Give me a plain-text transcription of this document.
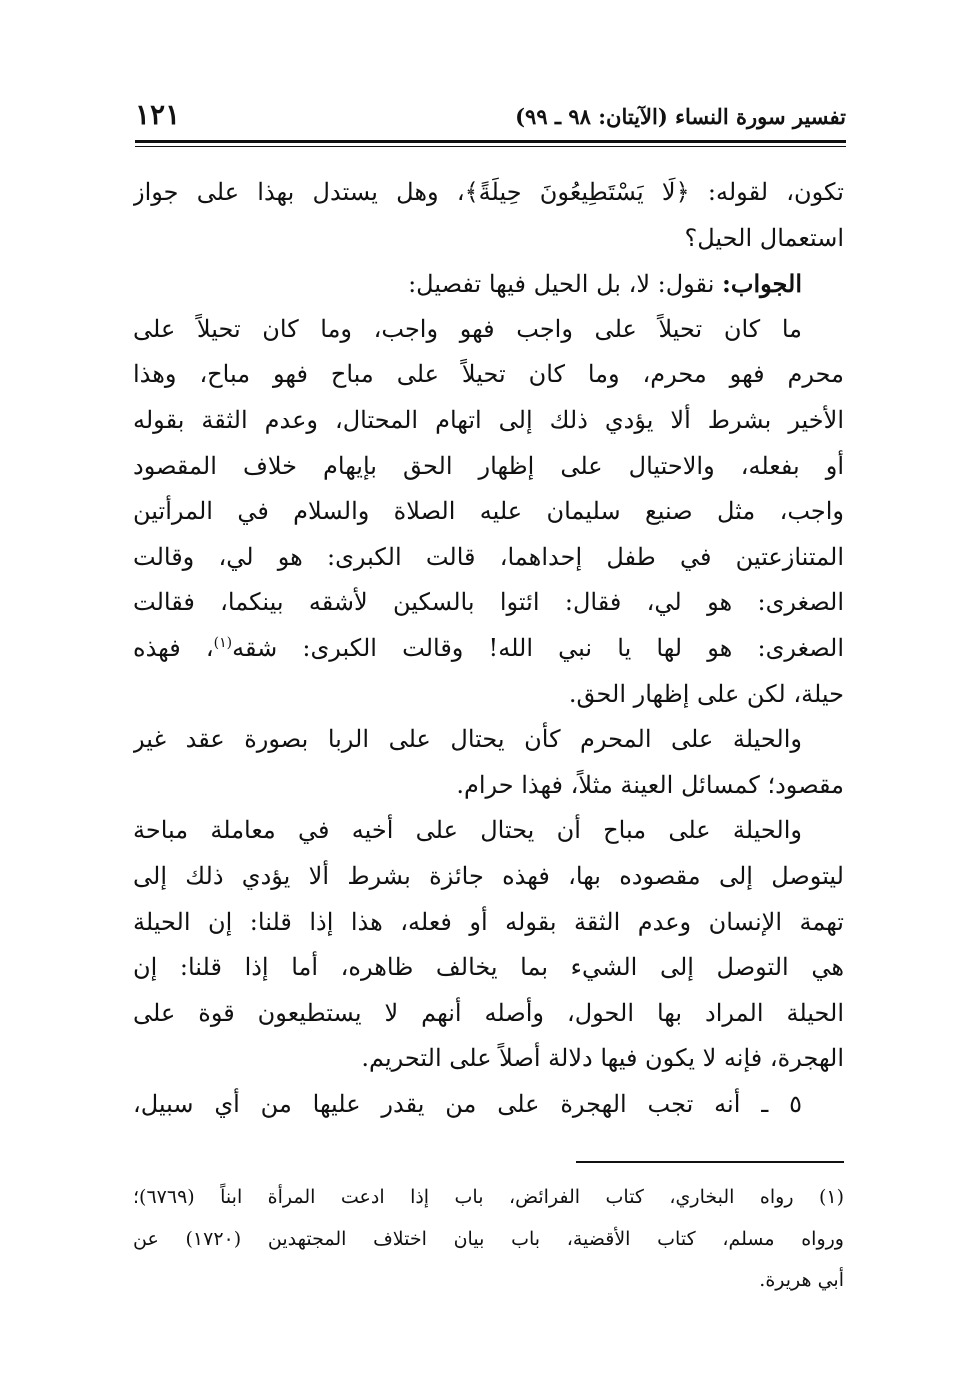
تفسير سورة النساء (الآيتان: ٩٨ ـ ٩٩)
١٢١
تكون، لقوله: ﴿لَا يَسْتَطِيعُونَ حِيلَةً﴾، وهل يستدل بهذا على جواز
استعمال الحيل؟
الجواب: نقول: لا، بل الحيل فيها تفصيل:
ما كان تحيلاً على واجب فهو واجب، وما كان تحيلاً على
محرم فهو محرم، وما كان تحيلاً على مباح فهو مباح، وهذا
الأخير بشرط ألا يؤدي ذلك إلى اتهام المحتال، وعدم الثقة بقوله
أو بفعله، والاحتيال على إظهار الحق بإيهام خلاف المقصود
واجب، مثل صنيع سليمان عليه الصلاة والسلام في المرأتين
المتنازعتين في طفل إحداهما، قالت الكبرى: هو لي، وقالت
الصغرى: هو لي، فقال: ائتوا بالسكين لأشقه بينكما، فقالت
الصغرى: هو لها يا نبي الله! وقالت الكبرى: شقه$^{(١)}$، فهذه
حيلة، لكن على إظهار الحق.
والحيلة على المحرم كأن يحتال على الربا بصورة عقد غير
مقصود؛ كمسائل العينة مثلاً، فهذا حرام.
والحيلة على مباح أن يحتال على أخيه في معاملة مباحة
ليتوصل إلى مقصوده بها، فهذه جائزة بشرط ألا يؤدي ذلك إلى
تهمة الإنسان وعدم الثقة بقوله أو فعله، هذا إذا قلنا: إن الحيلة
هي التوصل إلى الشيء بما يخالف ظاهره، أما إذا قلنا: إن
الحيلة المراد بها الحول، وأصله أنهم لا يستطيعون قوة على
الهجرة، فإنه لا يكون فيها دلالة أصلاً على التحريم.
٥ ـ أنه تجب الهجرة على من يقدر عليها من أي سبيل،
(١) رواه البخاري، كتاب الفرائض، باب إذا ادعت المرأة ابناً (٦٧٦٩)؛
ورواه مسلم، كتاب الأقضية، باب بيان اختلاف المجتهدين (١٧٢٠) عن
أبي هريرة.
